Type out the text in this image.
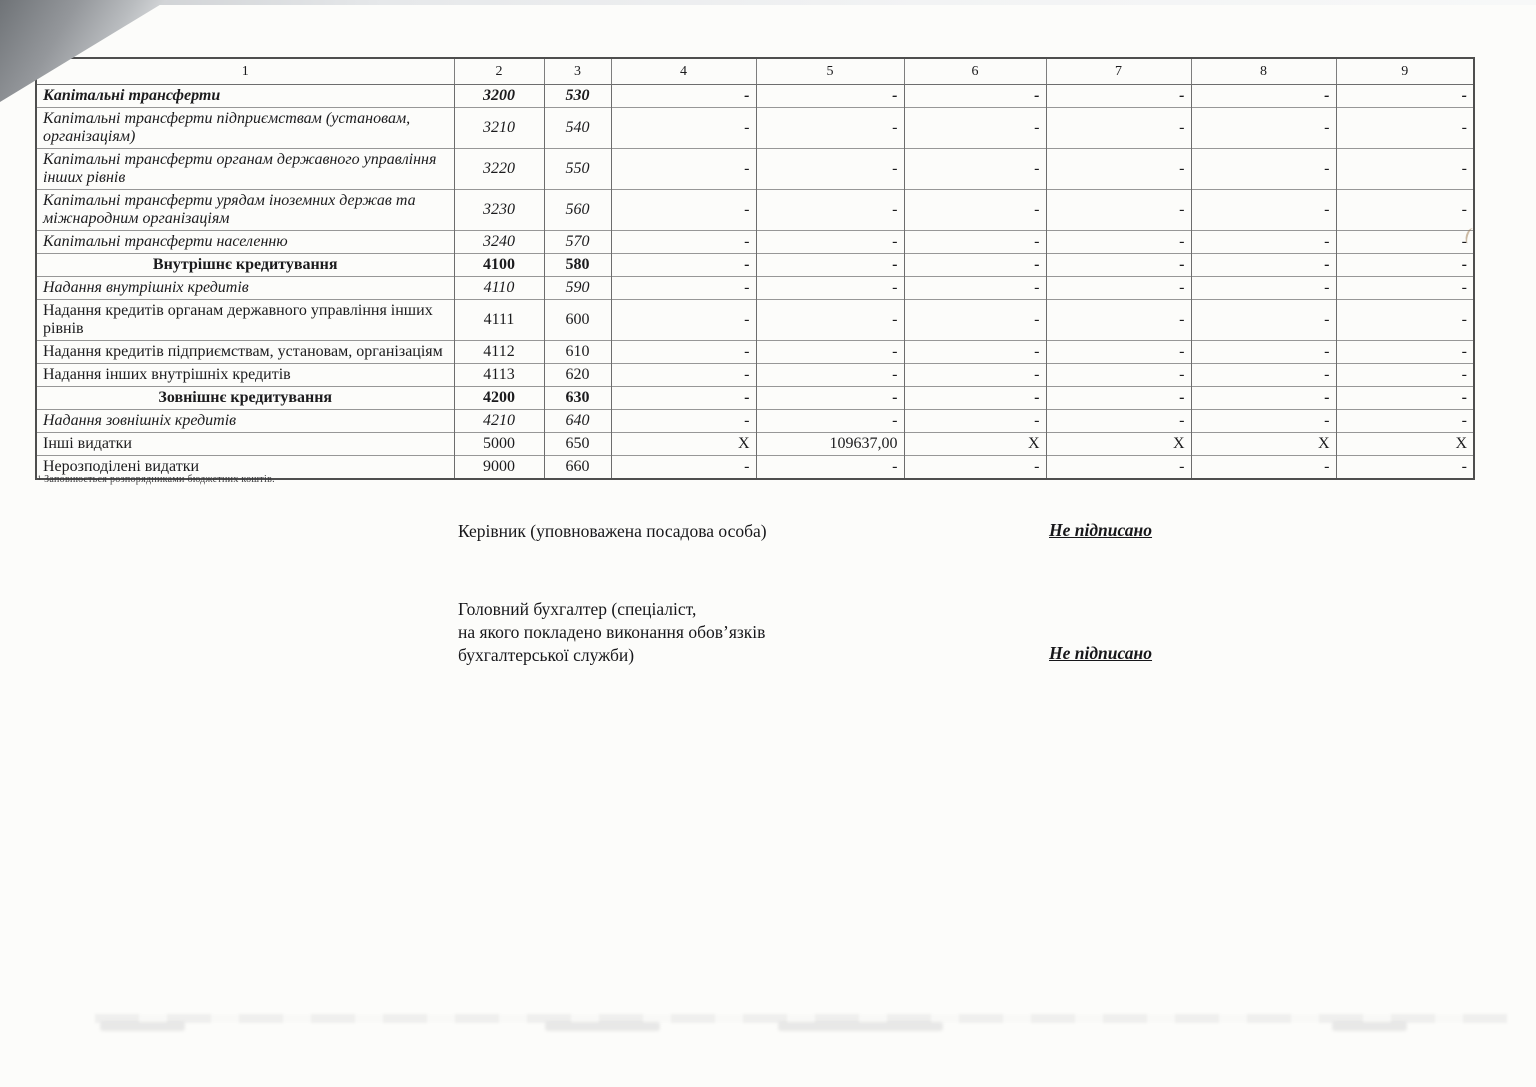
1	2	3	4	5	6	7	8	9
Капітальні трансферти	3200	530	-	-	-	-	-	-
Капітальні трансферти підприємствам (установам, організаціям)	3210	540	-	-	-	-	-	-
Капітальні трансферти органам державного управління інших рівнів	3220	550	-	-	-	-	-	-
Капітальні трансферти урядам іноземних держав та міжнародним організаціям	3230	560	-	-	-	-	-	-
Капітальні трансферти населенню	3240	570	-	-	-	-	-	-
Внутрішнє кредитування	4100	580	-	-	-	-	-	-
Надання внутрішніх кредитів	4110	590	-	-	-	-	-	-
Надання кредитів органам державного управління інших рівнів	4111	600	-	-	-	-	-	-
Надання кредитів підприємствам, установам, організаціям	4112	610	-	-	-	-	-	-
Надання інших внутрішніх кредитів	4113	620	-	-	-	-	-	-
Зовнішнє кредитування	4200	630	-	-	-	-	-	-
Надання зовнішніх кредитів	4210	640	-	-	-	-	-	-
Інші видатки	5000	650	X	109637,00	X	X	X	X
Нерозподілені видатки	9000	660	-	-	-	-	-	-
¹ Заповнюється розпорядниками бюджетних коштів.
Керівник (уповноважена посадова особа)	Не підписано
Головний бухгалтер (спеціаліст,
на якого покладено виконання обов’язків
бухгалтерської служби)	Не підписано
